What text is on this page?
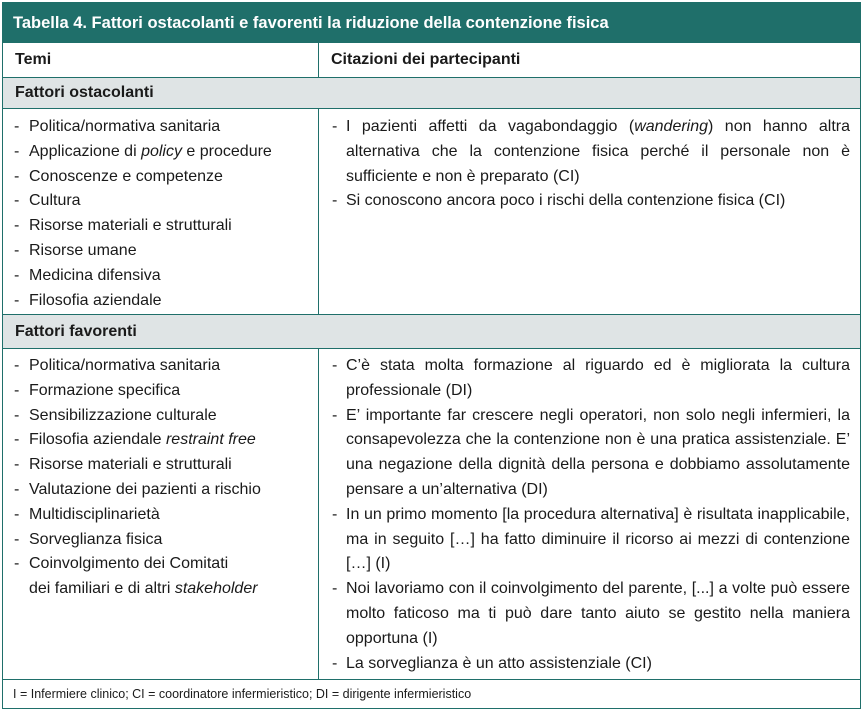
Tabella 4. Fattori ostacolanti e favorenti la riduzione della contenzione fisica
Temi	Citazioni dei partecipanti
Fattori ostacolanti
- Politica/normativa sanitaria
- Applicazione di policy e procedure
- Conoscenze e competenze
- Cultura
- Risorse materiali e strutturali
- Risorse umane
- Medicina difensiva
- Filosofia aziendale
- I pazienti affetti da vagabondaggio (wandering) non hanno altra alternativa che la contenzione fisica perché il personale non è sufficiente e non è preparato (CI)
- Si conoscono ancora poco i rischi della contenzione fisica (CI)
Fattori favorenti
- Politica/normativa sanitaria
- Formazione specifica
- Sensibilizzazione culturale
- Filosofia aziendale restraint free
- Risorse materiali e strutturali
- Valutazione dei pazienti a rischio
- Multidisciplinarietà
- Sorveglianza fisica
- Coinvolgimento dei Comitati
dei familiari e di altri stakeholder
- C’è stata molta formazione al riguardo ed è migliorata la cultura professionale (DI)
- E’ importante far crescere negli operatori, non solo negli infermieri, la consapevolezza che la contenzione non è una pratica assistenziale. E’ una negazione della dignità della persona e dobbiamo assolutamente pensare a un’alternativa (DI)
- In un primo momento [la procedura alternativa] è risultata inapplicabile, ma in seguito […] ha fatto diminuire il ricorso ai mezzi di contenzione […] (I)
- Noi lavoriamo con il coinvolgimento del parente, [...] a volte può essere molto faticoso ma ti può dare tanto aiuto se gestito nella maniera opportuna (I)
- La sorveglianza è un atto assistenziale (CI)
I = Infermiere clinico; CI = coordinatore infermieristico; DI = dirigente infermieristico
